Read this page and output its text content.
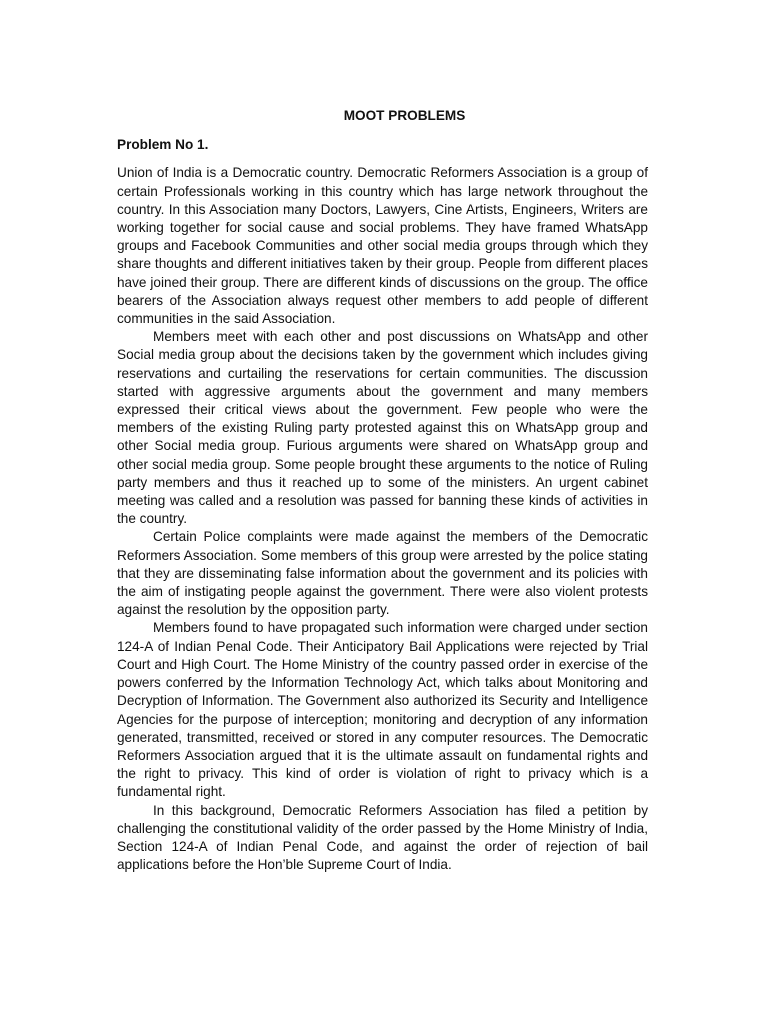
MOOT PROBLEMS
Problem No 1.

Union of India is a Democratic country. Democratic Reformers Association is a group of certain Professionals working in this country which has large network throughout the country. In this Association many Doctors, Lawyers, Cine Artists, Engineers, Writers are working together for social cause and social problems. They have framed WhatsApp groups and Facebook Communities and other social media groups through which they share thoughts and different initiatives taken by their group. People from different places have joined their group. There are different kinds of discussions on the group. The office bearers of the Association always request other members to add people of different communities in the said Association.

Members meet with each other and post discussions on WhatsApp and other Social media group about the decisions taken by the government which includes giving reservations and curtailing the reservations for certain communities. The discussion started with aggressive arguments about the government and many members expressed their critical views about the government. Few people who were the members of the existing Ruling party protested against this on WhatsApp group and other Social media group. Furious arguments were shared on WhatsApp group and other social media group. Some people brought these arguments to the notice of Ruling party members and thus it reached up to some of the ministers. An urgent cabinet meeting was called and a resolution was passed for banning these kinds of activities in the country.

Certain Police complaints were made against the members of the Democratic Reformers Association. Some members of this group were arrested by the police stating that they are disseminating false information about the government and its policies with the aim of instigating people against the government. There were also violent protests against the resolution by the opposition party.

Members found to have propagated such information were charged under section 124-A of Indian Penal Code. Their Anticipatory Bail Applications were rejected by Trial Court and High Court. The Home Ministry of the country passed order in exercise of the powers conferred by the Information Technology Act, which talks about Monitoring and Decryption of Information. The Government also authorized its Security and Intelligence Agencies for the purpose of interception; monitoring and decryption of any information generated, transmitted, received or stored in any computer resources. The Democratic Reformers Association argued that it is the ultimate assault on fundamental rights and the right to privacy. This kind of order is violation of right to privacy which is a fundamental right.

In this background, Democratic Reformers Association has filed a petition by challenging the constitutional validity of the order passed by the Home Ministry of India, Section 124-A of Indian Penal Code, and against the order of rejection of bail applications before the Hon’ble Supreme Court of India.
